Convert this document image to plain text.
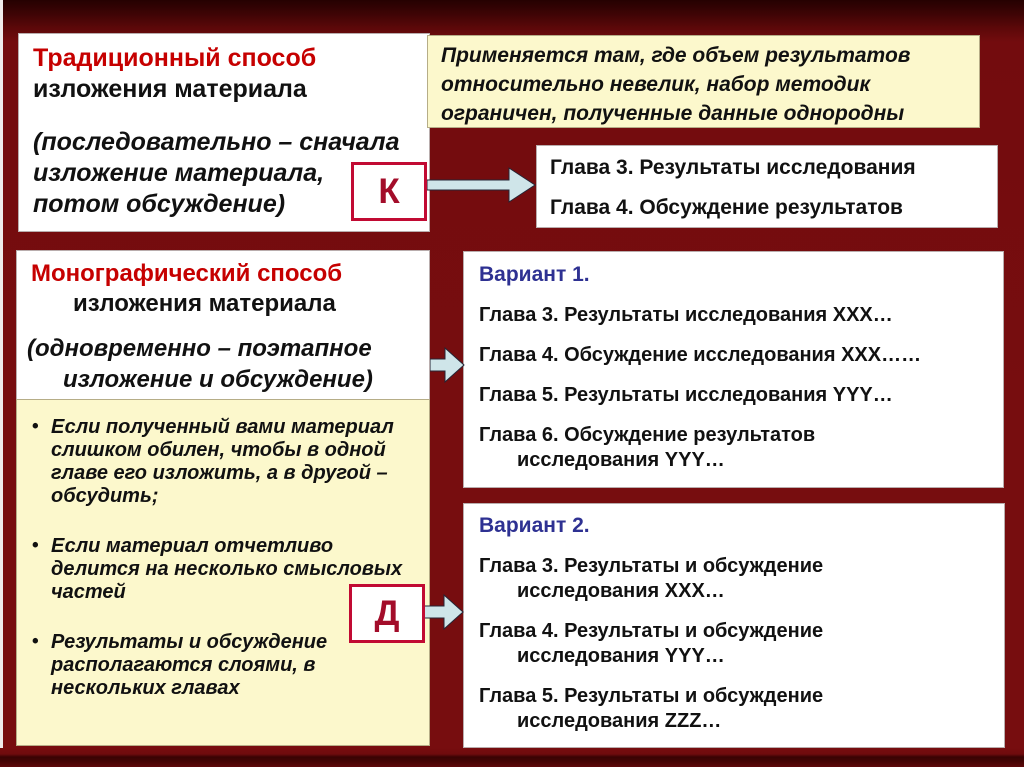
Традиционный способ
изложения материала
(последовательно – сначала
изложение материала,
потом обсуждение)	К
Применяется там, где объем результатов
относительно невелик, набор методик
ограничен, полученные данные однородны
Глава 3. Результаты исследования
Глава 4. Обсуждение результатов
Монографический способ
изложения материала
(одновременно – поэтапное
изложение и обсуждение)
• Если полученный вами материал слишком обилен, чтобы в одной главе его изложить, а в другой – обсудить;
• Если материал отчетливо делится на несколько смысловых частей
• Результаты и обсуждение располагаются слоями, в нескольких главах
Д
Вариант 1.
Глава 3. Результаты исследования XXX…
Глава 4. Обсуждение исследования XXX……
Глава 5. Результаты исследования YYY…
Глава 6. Обсуждение результатов
исследования YYY…
Вариант 2.
Глава 3. Результаты и обсуждение
исследования XXX…
Глава 4. Результаты и обсуждение
исследования YYY…
Глава 5. Результаты и обсуждение
исследования ZZZ…
